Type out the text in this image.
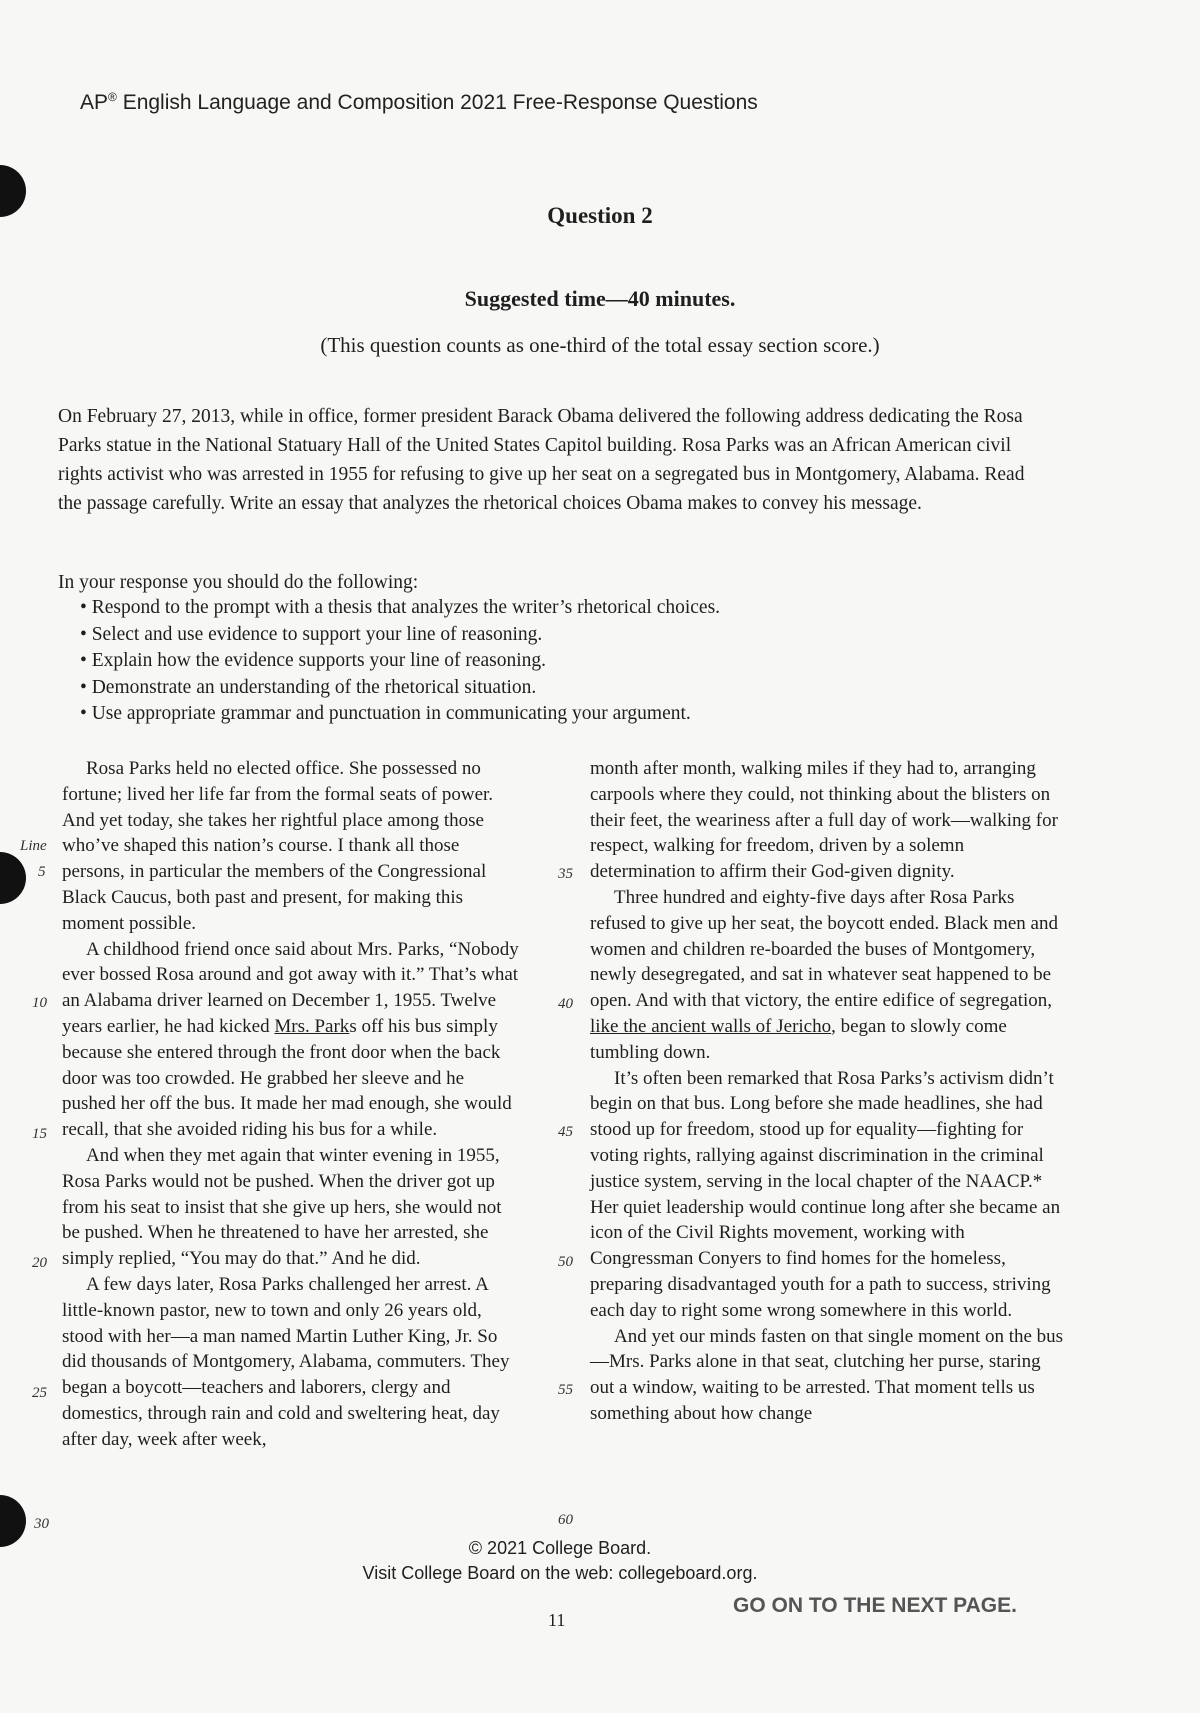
AP® English Language and Composition 2021 Free-Response Questions
Question 2
Suggested time—40 minutes.
(This question counts as one-third of the total essay section score.)
On February 27, 2013, while in office, former president Barack Obama delivered the following address dedicating the Rosa Parks statue in the National Statuary Hall of the United States Capitol building. Rosa Parks was an African American civil rights activist who was arrested in 1955 for refusing to give up her seat on a segregated bus in Montgomery, Alabama. Read the passage carefully. Write an essay that analyzes the rhetorical choices Obama makes to convey his message.
In your response you should do the following:
• Respond to the prompt with a thesis that analyzes the writer’s rhetorical choices.
• Select and use evidence to support your line of reasoning.
• Explain how the evidence supports your line of reasoning.
• Demonstrate an understanding of the rhetorical situation.
• Use appropriate grammar and punctuation in communicating your argument.
Line
5
10
15
20
25
30
35
40
45
50
55
60

Rosa Parks held no elected office. She possessed no fortune; lived her life far from the formal seats of power. And yet today, she takes her rightful place among those who’ve shaped this nation’s course. I thank all those persons, in particular the members of the Congressional Black Caucus, both past and present, for making this moment possible.

A childhood friend once said about Mrs. Parks, “Nobody ever bossed Rosa around and got away with it.” That’s what an Alabama driver learned on December 1, 1955. Twelve years earlier, he had kicked Mrs. Parks off his bus simply because she entered through the front door when the back door was too crowded. He grabbed her sleeve and he pushed her off the bus. It made her mad enough, she would recall, that she avoided riding his bus for a while.

And when they met again that winter evening in 1955, Rosa Parks would not be pushed. When the driver got up from his seat to insist that she give up hers, she would not be pushed. When he threatened to have her arrested, she simply replied, “You may do that.” And he did.

A few days later, Rosa Parks challenged her arrest. A little-known pastor, new to town and only 26 years old, stood with her—a man named Martin Luther King, Jr. So did thousands of Montgomery, Alabama, commuters. They began a boycott—teachers and laborers, clergy and domestics, through rain and cold and sweltering heat, day after day, week after week,

month after month, walking miles if they had to, arranging carpools where they could, not thinking about the blisters on their feet, the weariness after a full day of work—walking for respect, walking for freedom, driven by a solemn determination to affirm their God-given dignity.

Three hundred and eighty-five days after Rosa Parks refused to give up her seat, the boycott ended. Black men and women and children re-boarded the buses of Montgomery, newly desegregated, and sat in whatever seat happened to be open. And with that victory, the entire edifice of segregation, like the ancient walls of Jericho, began to slowly come tumbling down.

It’s often been remarked that Rosa Parks’s activism didn’t begin on that bus. Long before she made headlines, she had stood up for freedom, stood up for equality—fighting for voting rights, rallying against discrimination in the criminal justice system, serving in the local chapter of the NAACP.* Her quiet leadership would continue long after she became an icon of the Civil Rights movement, working with Congressman Conyers to find homes for the homeless, preparing disadvantaged youth for a path to success, striving each day to right some wrong somewhere in this world.

And yet our minds fasten on that single moment on the bus—Mrs. Parks alone in that seat, clutching her purse, staring out a window, waiting to be arrested. That moment tells us something about how change

© 2021 College Board.
Visit College Board on the web: collegeboard.org.
11
GO ON TO THE NEXT PAGE.
